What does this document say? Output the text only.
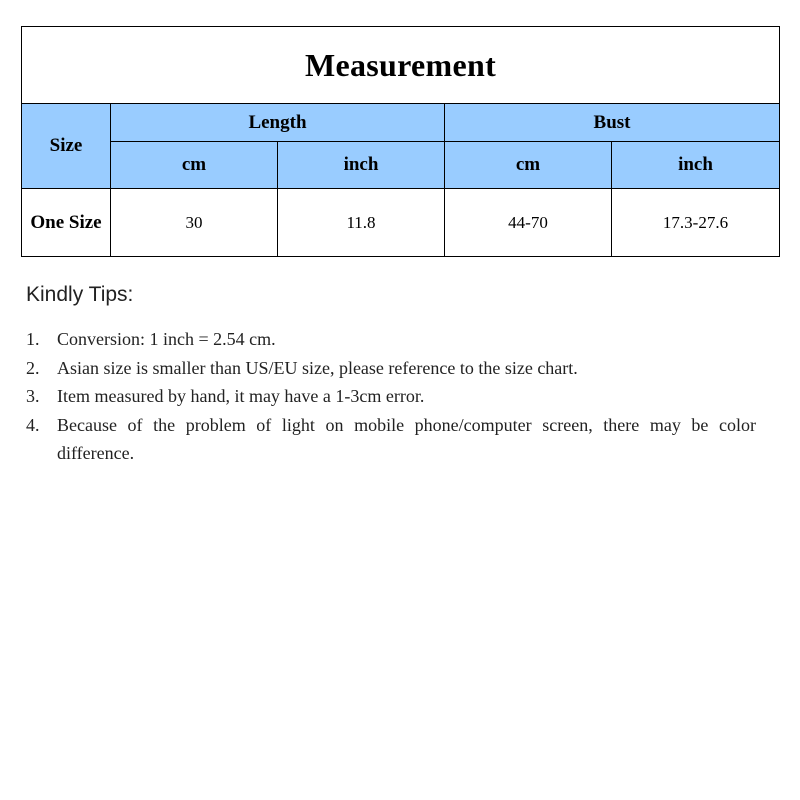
Measurement				
Size	Length		Bust	
	cm	inch	cm	inch
One Size	30	11.8	44-70	17.3-27.6
Kindly Tips:
1. Conversion: 1 inch = 2.54 cm.
2. Asian size is smaller than US/EU size, please reference to the size chart.
3. Item measured by hand, it may have a 1-3cm error.
4. Because of the problem of light on mobile phone/computer screen, there may be color difference.
